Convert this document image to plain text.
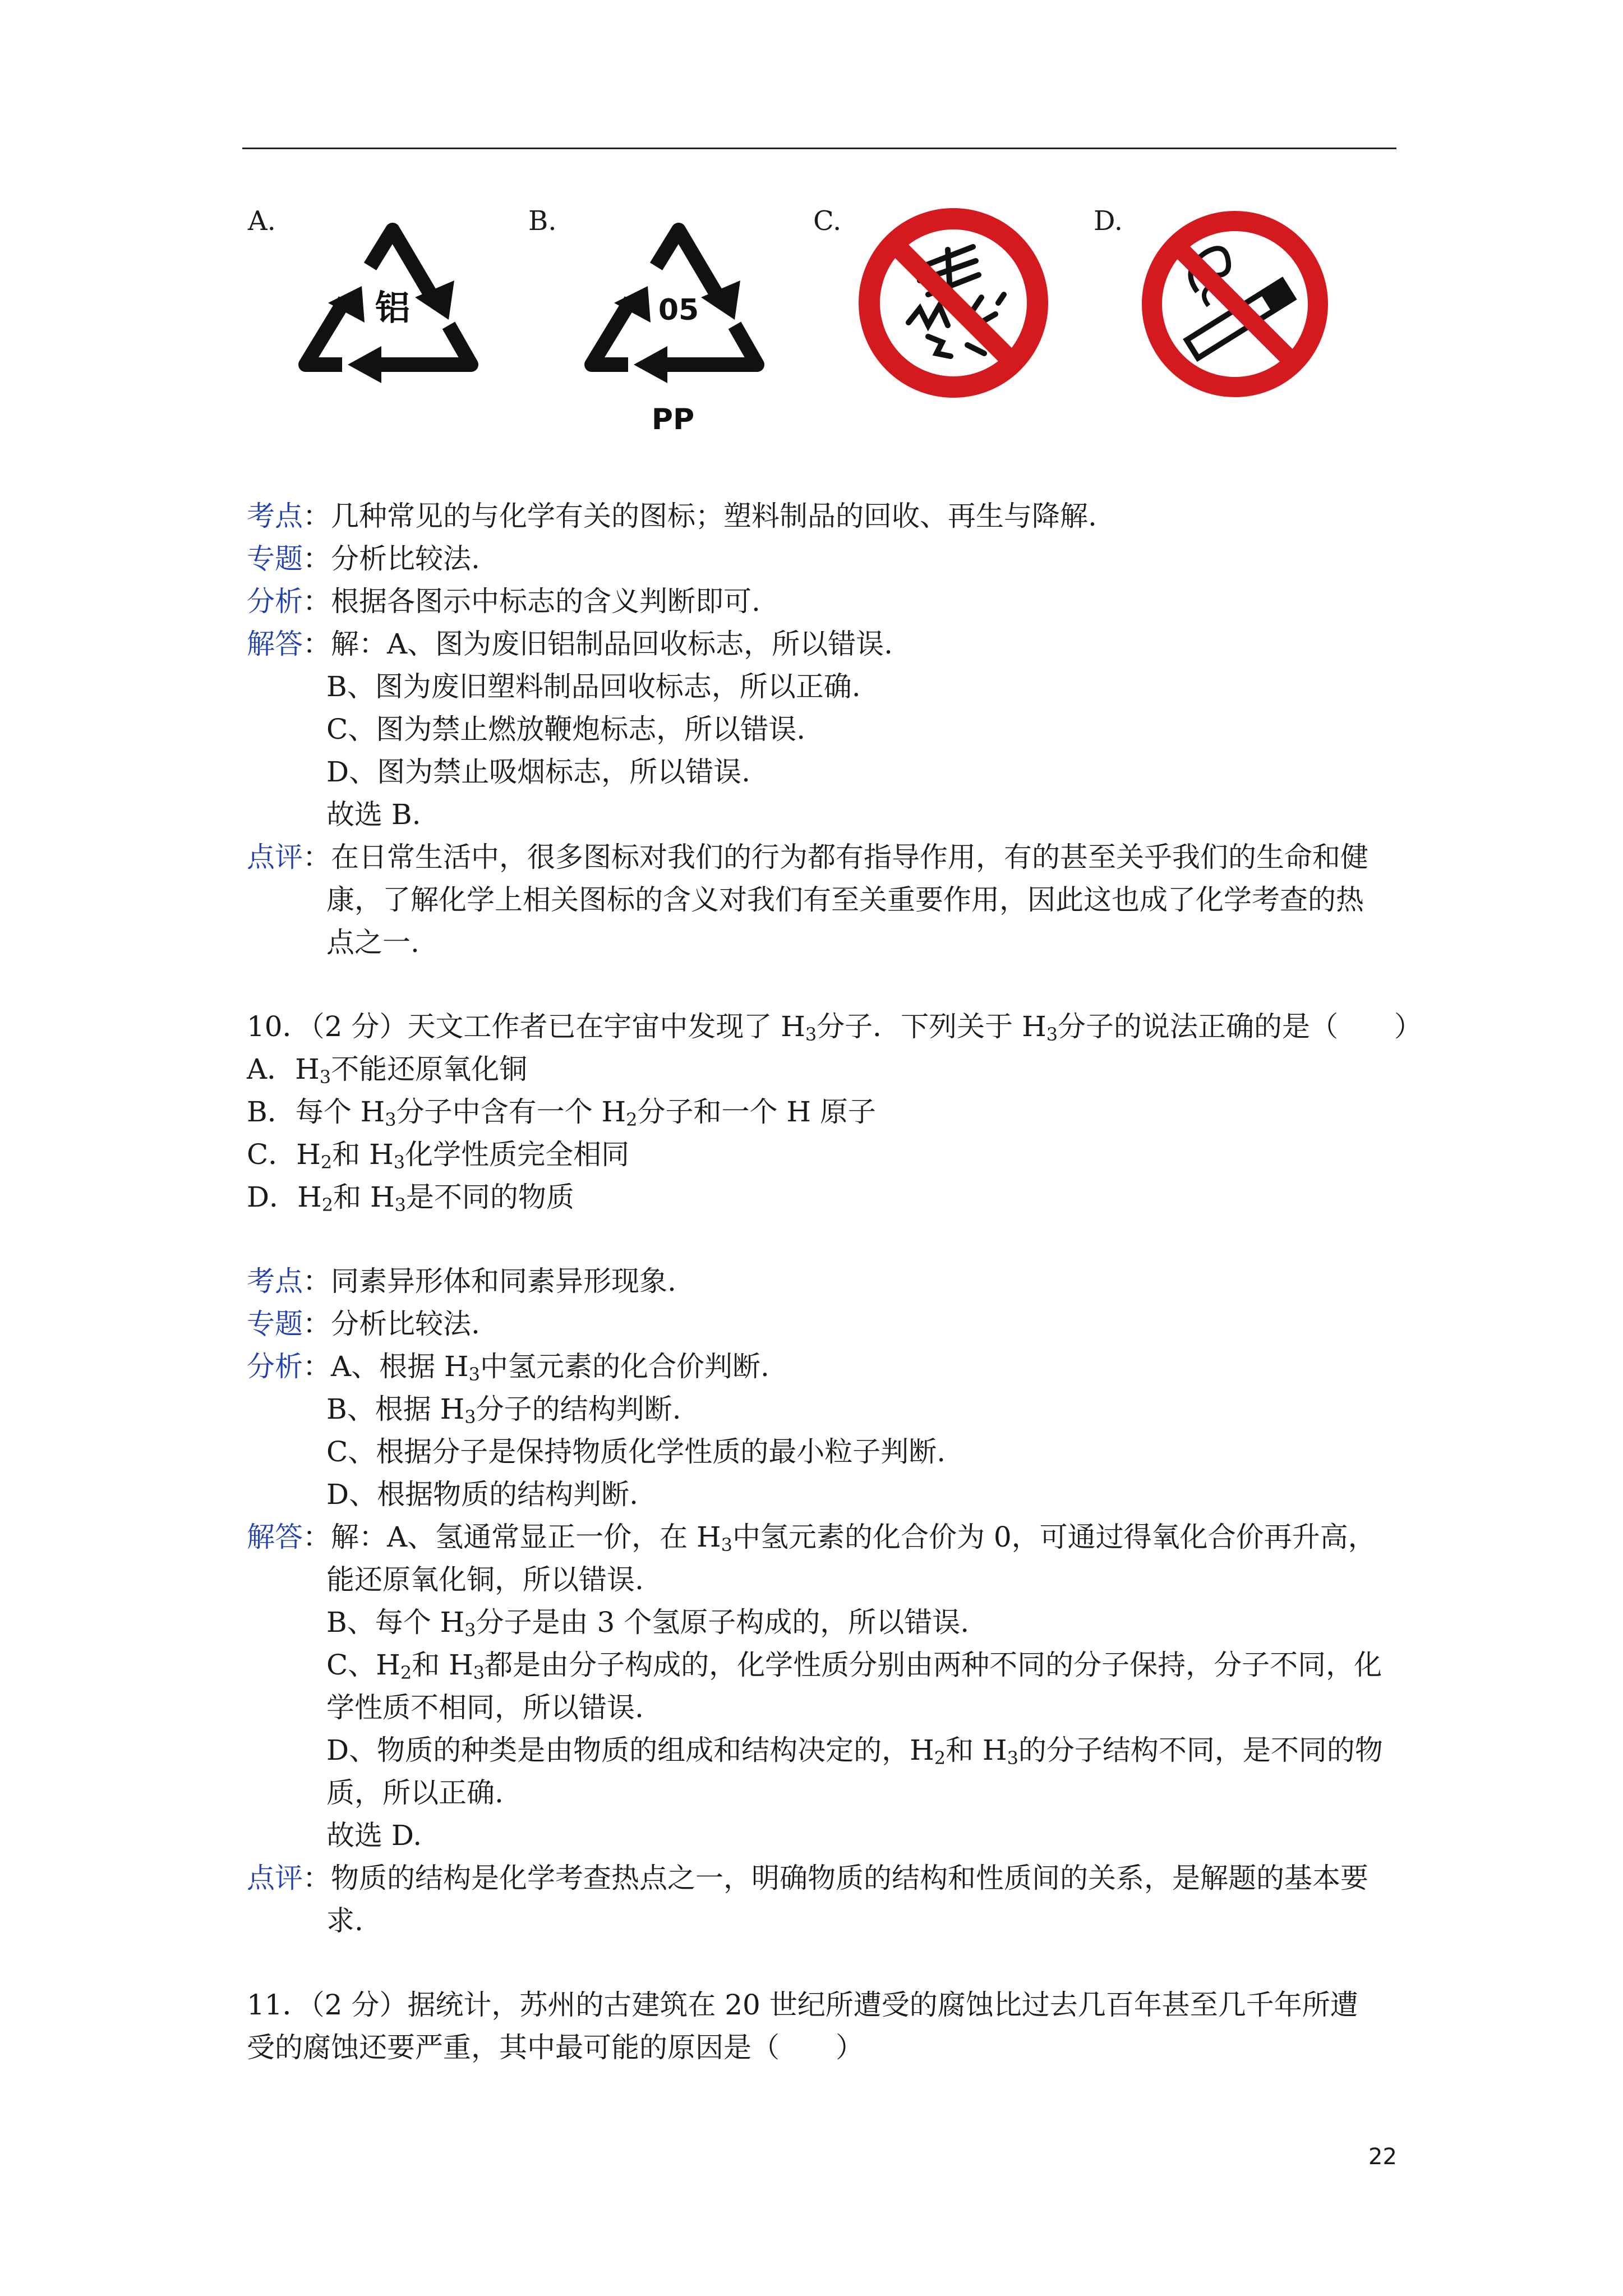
A.
铝
B.
05
PP
C.	D.
考点：几种常见的与化学有关的图标；塑料制品的回收、再生与降解.
专题：分析比较法.
分析：根据各图示中标志的含义判断即可.
解答：解：A、图为废旧铝制品回收标志，所以错误.
B、图为废旧塑料制品回收标志，所以正确.
C、图为禁止燃放鞭炮标志，所以错误.
D、图为禁止吸烟标志，所以错误.
故选 B.
点评：在日常生活中，很多图标对我们的行为都有指导作用，有的甚至关乎我们的生命和健
康，了解化学上相关图标的含义对我们有至关重要作用，因此这也成了化学考查的热
点之一.
10．（2 分）天文工作者已在宇宙中发现了 $H_3$分子．下列关于 $H_3$分子的说法正确的是（　　）
A．$H_3$不能还原氧化铜
B．每个 $H_3$分子中含有一个 $H_2$分子和一个 H 原子
C．$H_2$和 $H_3$化学性质完全相同
D．$H_2$和 $H_3$是不同的物质
考点：同素异形体和同素异形现象.
专题：分析比较法.
分析：A、根据 $H_3$中氢元素的化合价判断.
B、根据 $H_3$分子的结构判断.
C、根据分子是保持物质化学性质的最小粒子判断.
D、根据物质的结构判断.
解答：解：A、氢通常显正一价，在 $H_3$中氢元素的化合价为 0，可通过得氧化合价再升高，
能还原氧化铜，所以错误.
B、每个 $H_3$分子是由 3 个氢原子构成的，所以错误.
C、$H_2$和 $H_3$都是由分子构成的，化学性质分别由两种不同的分子保持，分子不同，化
学性质不相同，所以错误.
D、物质的种类是由物质的组成和结构决定的，$H_2$和 $H_3$的分子结构不同，是不同的物
质，所以正确.
故选 D.
点评：物质的结构是化学考查热点之一，明确物质的结构和性质间的关系，是解题的基本要
求.
11．（2 分）据统计，苏州的古建筑在 20 世纪所遭受的腐蚀比过去几百年甚至几千年所遭
受的腐蚀还要严重，其中最可能的原因是（　　）
22
